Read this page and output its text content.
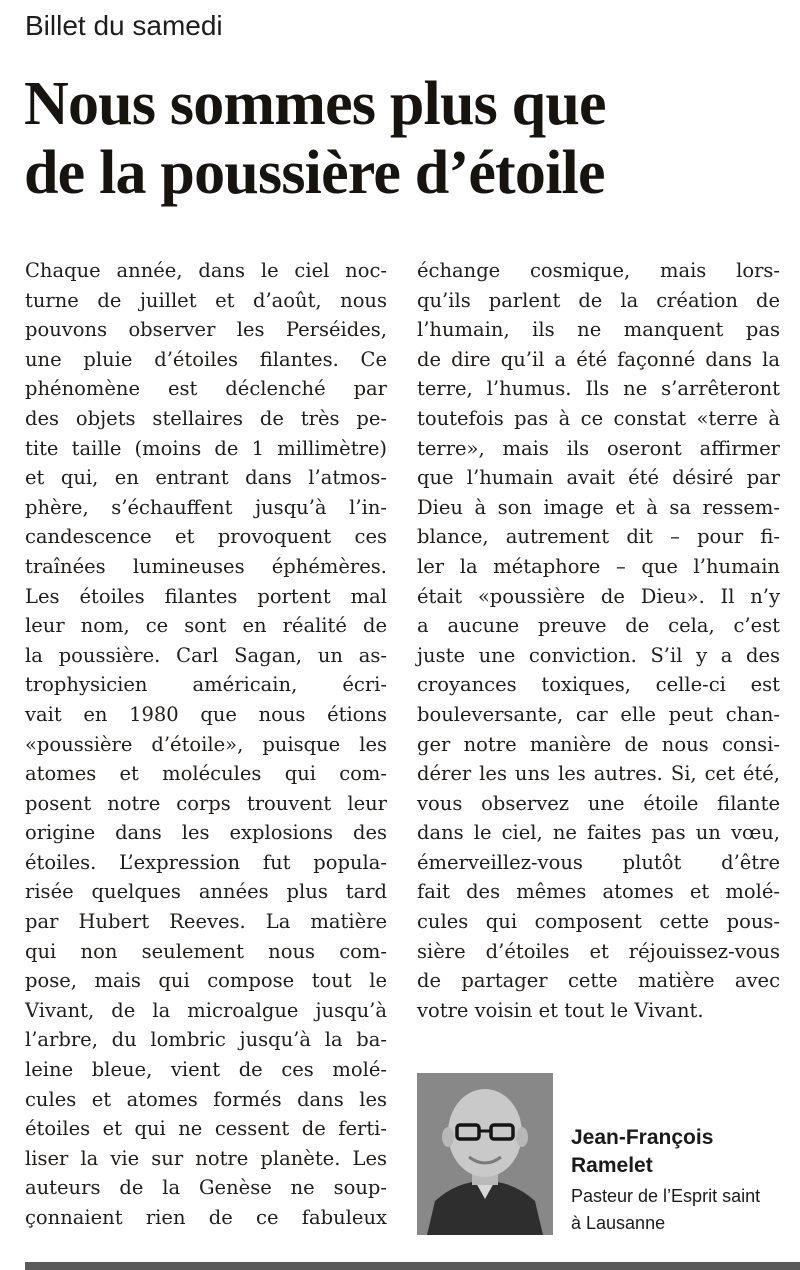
Billet du samedi
Nous sommes plus que
de la poussière d’étoile
Chaque année, dans le ciel noc-
turne de juillet et d’août, nous
pouvons observer les Perséides,
une pluie d’étoiles filantes. Ce
phénomène est déclenché par
des objets stellaires de très pe-
tite taille (moins de 1 millimètre)
et qui, en entrant dans l’atmos-
phère, s’échauffent jusqu’à l’in-
candescence et provoquent ces
traînées lumineuses éphémères.
Les étoiles filantes portent mal
leur nom, ce sont en réalité de
la poussière. Carl Sagan, un as-
trophysicien américain, écri-
vait en 1980 que nous étions
«poussière d’étoile», puisque les
atomes et molécules qui com-
posent notre corps trouvent leur
origine dans les explosions des
étoiles. L’expression fut popula-
risée quelques années plus tard
par Hubert Reeves. La matière
qui non seulement nous com-
pose, mais qui compose tout le
Vivant, de la microalgue jusqu’à
l’arbre, du lombric jusqu’à la ba-
leine bleue, vient de ces molé-
cules et atomes formés dans les
étoiles et qui ne cessent de ferti-
liser la vie sur notre planète. Les
auteurs de la Genèse ne soup-
çonnaient rien de ce fabuleux
échange cosmique, mais lors-
qu’ils parlent de la création de
l’humain, ils ne manquent pas
de dire qu’il a été façonné dans la
terre, l’humus. Ils ne s’arrêteront
toutefois pas à ce constat «terre à
terre», mais ils oseront affirmer
que l’humain avait été désiré par
Dieu à son image et à sa ressem-
blance, autrement dit – pour fi-
ler la métaphore – que l’humain
était «poussière de Dieu». Il n’y
a aucune preuve de cela, c’est
juste une conviction. S’il y a des
croyances toxiques, celle-ci est
bouleversante, car elle peut chan-
ger notre manière de nous consi-
dérer les uns les autres. Si, cet été,
vous observez une étoile filante
dans le ciel, ne faites pas un vœu,
émerveillez-vous plutôt d’être
fait des mêmes atomes et molé-
cules qui composent cette pous-
sière d’étoiles et réjouissez-vous
de partager cette matière avec
votre voisin et tout le Vivant.
Jean-François
Ramelet
Pasteur de l’Esprit saint
à Lausanne
